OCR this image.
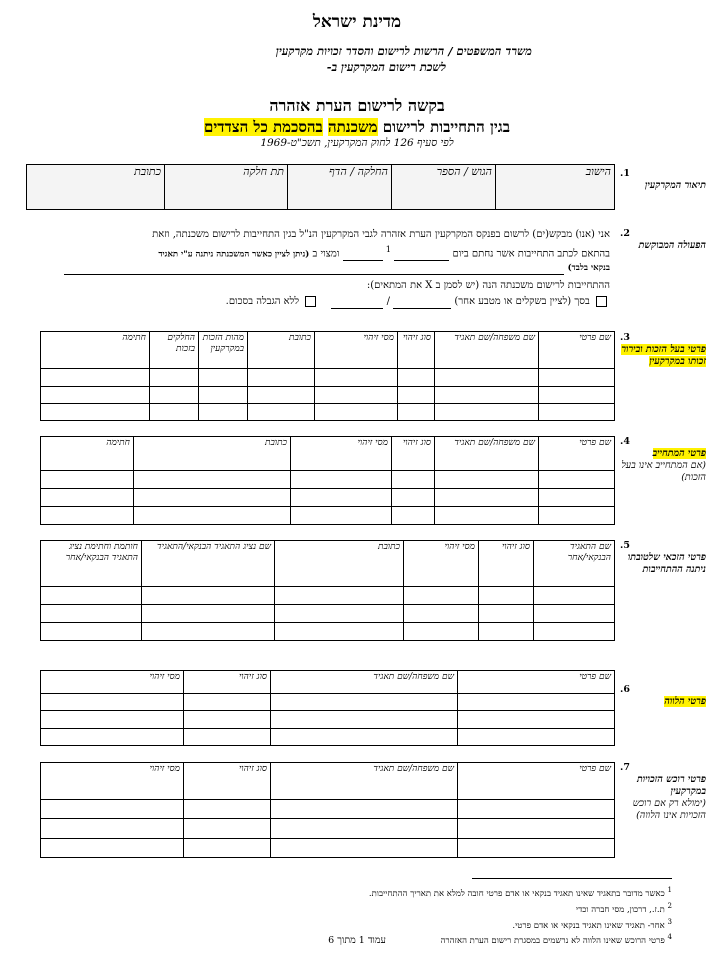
מדינת ישראל
משרד המשפטים / הרשות לרישום והסדר זכויות מקרקעין
לשכת רישום המקרקעין ב-
בקשה לרישום הערת אזהרה
בגין התחייבות לרישום משכנתה בהסכמת כל הצדדים
לפי סעיף 126 לחוק המקרקעין, תשכ"ט-1969
1.
תיאור המקרקעין
הישוב	הגוש / הספר	החלקה / הדף	תת חלקה	כתובת
2.
הפעולה המבוקשת
אני (אנו) מבקש(ים) לרשום בפנקס המקרקעין הערת אזהרה לגבי המקרקעין הנ"ל בגין התחייבות לרישום משכנתה, וזאת
בהתאם לכתב התחייבות אשר נחתם ביום  $^1$  ומצוי ב (ניתן לציין כאשר המשכנתה ניתנה ע"י תאגיד
בנקאי בלבד)
ההתחייבות לרישום משכנתה הנה (יש לסמן ב X את המתאים):
בסך (לציין בשקלים או מטבע אחר)  /   ללא הגבלה בסכום.
3.
פרטי בעל הזכות ובירור זכותו במקרקעין
שם פרטי	שם משפחה/שם תאגיד	סוג זיהוי	מסי זיהוי	כתובת	מהות הזכות במקרקעין	החלקים בזכות	חתימה

4.
פרטי המתחייב
(אם המתחייב אינו בעל הזכות)
שם פרטי	שם משפחה/שם תאגיד	סוג זיהוי	מסי זיהוי	כתובת	חתימה

5.
פרטי הזכאי שלטובתו ניתנה ההתחייבות
שם התאגיד הבנקאי/אחר	סוג זיהוי	מסי זיהוי	כתובת	שם נציג התאגיד הבנקאי/התאגיד	חותמת וחתימת נציג התאגיד הבנקאי/אחר

6.
פרטי הלווה
שם פרטי	שם משפחה/שם תאגיד	סוג זיהוי	מסי זיהוי

7.
פרטי רוכש הזכויות במקרקעין
(ימולא רק אם רוכש הזכויות אינו הלווה)
שם פרטי	שם משפחה/שם תאגיד	סוג זיהוי	מסי זיהוי

$^1$ כאשר מדובר בתאגיד שאינו תאגיד בנקאי או אדם פרטי חובה למלא את תאריך ההתחייבות.
$^2$ ת.ז., דרכון, מסי חברה וכדי
$^3$ אחר- תאגיד שאינו תאגיד בנקאי או אדם פרטי.
$^4$ פרטי הרוכש שאינו הלווה לא נרשמים במסגרת רישום הערת האזהרה
עמוד 1 מתוך 6
